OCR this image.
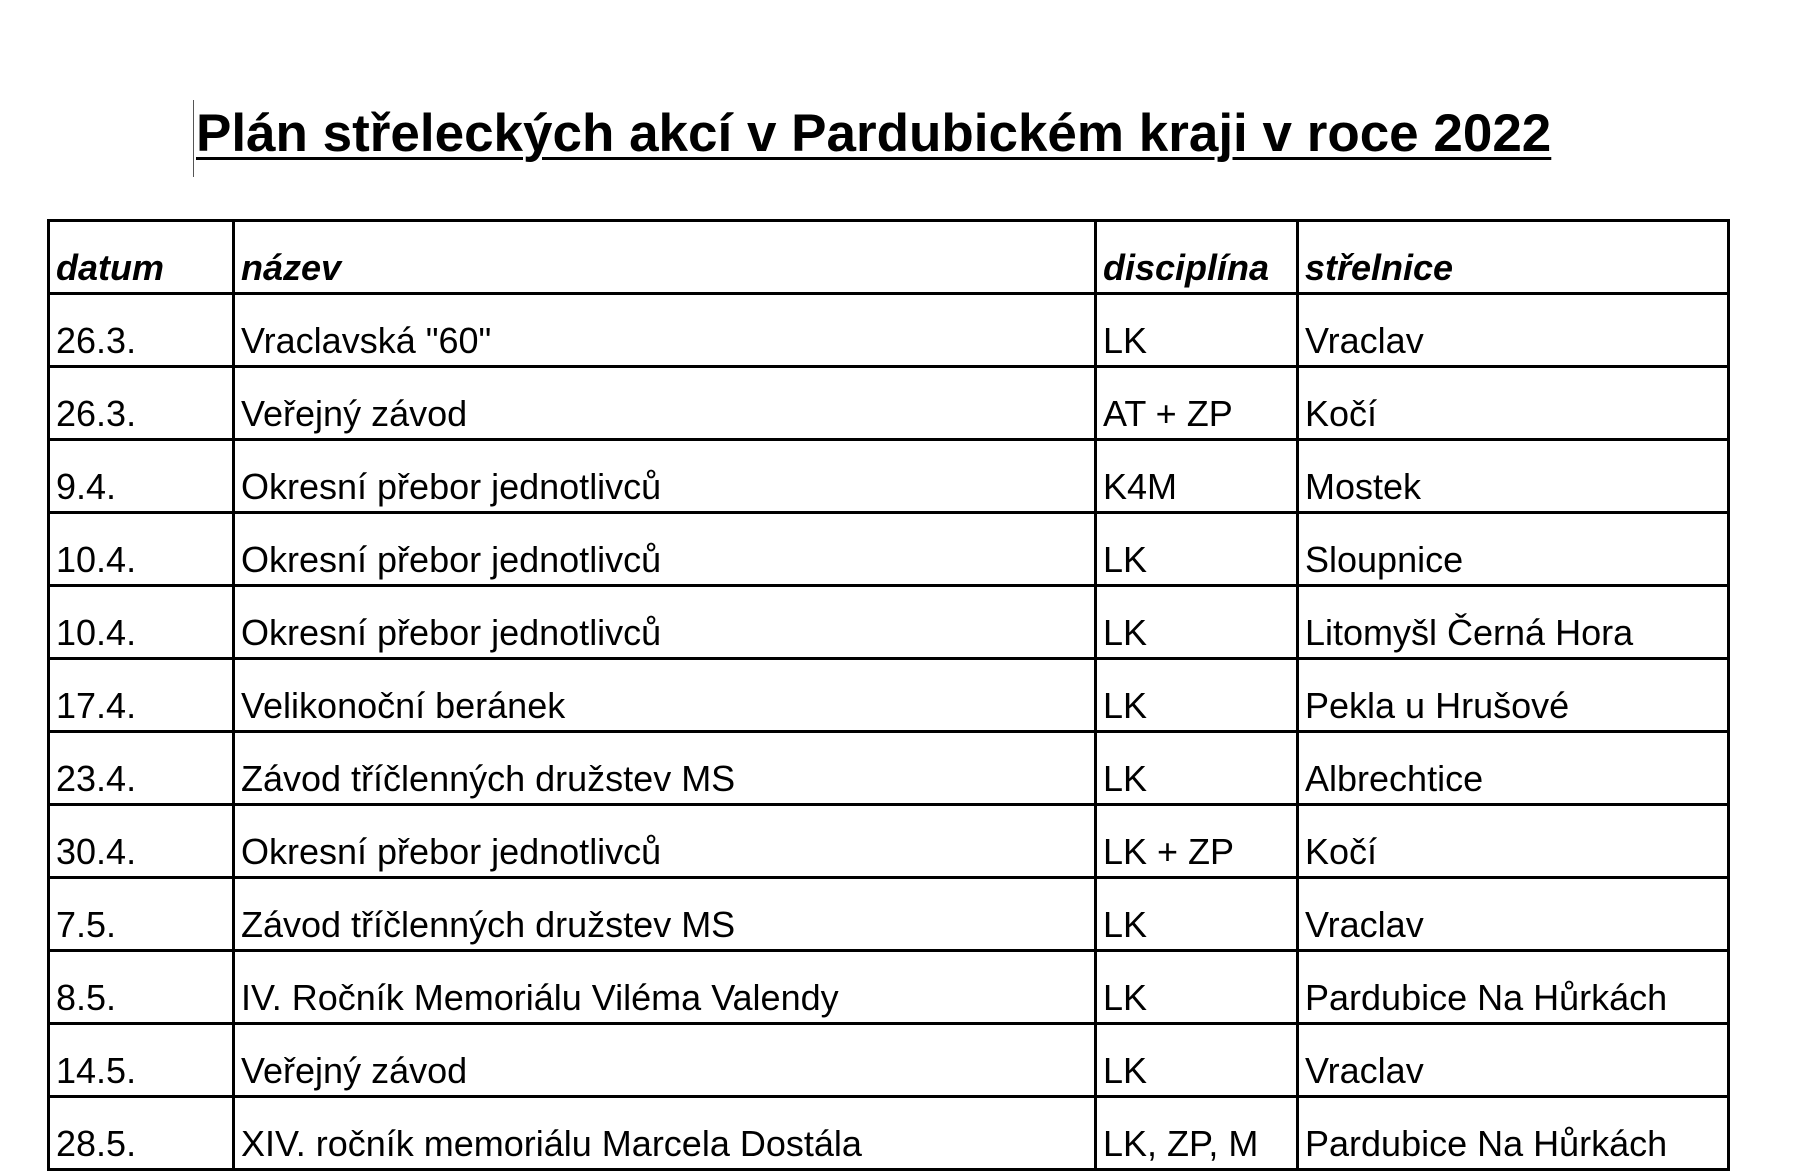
Plán střeleckých akcí v Pardubickém kraji v roce 2022
datum	název	disciplína	střelnice
26.3.	Vraclavská "60"	LK	Vraclav
26.3.	Veřejný závod	AT + ZP	Kočí
9.4.	Okresní přebor jednotlivců	K4M	Mostek
10.4.	Okresní přebor jednotlivců	LK	Sloupnice
10.4.	Okresní přebor jednotlivců	LK	Litomyšl Černá Hora
17.4.	Velikonoční beránek	LK	Pekla u Hrušové
23.4.	Závod tříčlenných družstev MS	LK	Albrechtice
30.4.	Okresní přebor jednotlivců	LK + ZP	Kočí
7.5.	Závod tříčlenných družstev MS	LK	Vraclav
8.5.	IV. Ročník Memoriálu Viléma Valendy	LK	Pardubice Na Hůrkách
14.5.	Veřejný závod	LK	Vraclav
28.5.	XIV. ročník memoriálu Marcela Dostála	LK, ZP, M	Pardubice Na Hůrkách
